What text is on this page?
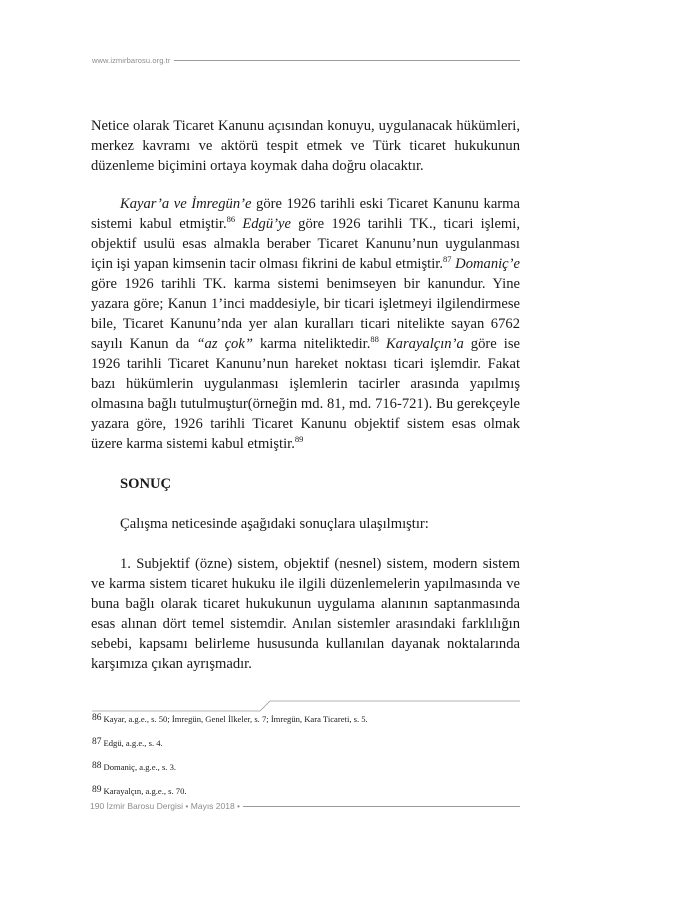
www.izmirbarosu.org.tr

Netice olarak Ticaret Kanunu açısından konuyu, uygulanacak hükümleri, merkez kavramı ve aktörü tespit etmek ve Türk ticaret hukukunun düzenleme biçimini ortaya koymak daha doğru olacaktır.

Kayar’a ve İmregün’e göre 1926 tarihli eski Ticaret Kanunu karma sistemi kabul etmiştir.$^{86}$ Edgü’ye göre 1926 tarihli TK., ticari işlemi, objektif usulü esas almakla beraber Ticaret Kanunu’nun uygulanması için işi yapan kimsenin tacir olması fikrini de kabul etmiştir.$^{87}$ Domaniç’e göre 1926 tarihli TK. karma sistemi benimseyen bir kanundur. Yine yazara göre; Kanun 1’inci maddesiyle, bir ticari işletmeyi ilgilendirmese bile, Ticaret Kanunu’nda yer alan kuralları ticari nitelikte sayan 6762 sayılı Kanun da “az çok” karma niteliktedir.$^{88}$ Karayalçın’a göre ise 1926 tarihli Ticaret Kanunu’nun hareket noktası ticari işlemdir. Fakat bazı hükümlerin uygulanması işlemlerin tacirler arasında yapılmış olmasına bağlı tutulmuştur(örneğin md. 81, md. 716-721). Bu gerekçeyle yazara göre, 1926 tarihli Ticaret Kanunu objektif sistem esas olmak üzere karma sistemi kabul etmiştir.$^{89}$

SONUÇ

Çalışma neticesinde aşağıdaki sonuçlara ulaşılmıştır:

1. Subjektif (özne) sistem, objektif (nesnel) sistem, modern sistem ve karma sistem ticaret hukuku ile ilgili düzenlemelerin yapılmasında ve buna bağlı olarak ticaret hukukunun uygulama alanının saptanmasında esas alınan dört temel sistemdir. Anılan sistemler arasındaki farklılığın sebebi, kapsamı belirleme hususunda kullanılan dayanak noktalarında karşımıza çıkan ayrışmadır.

86 Kayar, a.g.e., s. 50; İmregün, Genel İlkeler, s. 7; İmregün, Kara Ticareti, s. 5.

87 Edgü, a.g.e., s. 4.

88 Domaniç, a.g.e., s. 3.

89 Karayalçın, a.g.e., s. 70.

190 İzmir Barosu Dergisi • Mayıs 2018 •
